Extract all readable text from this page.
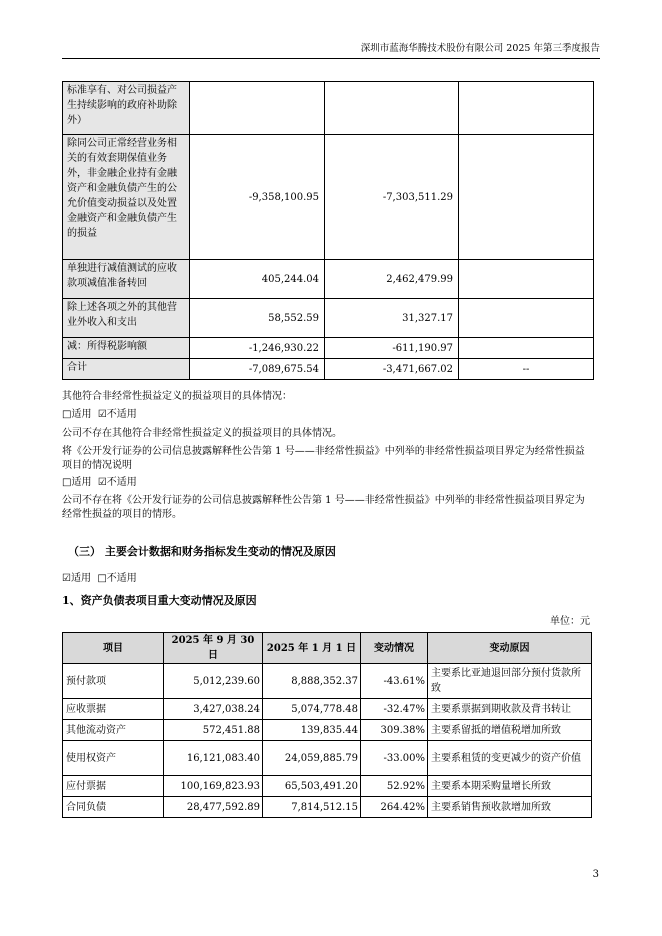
深圳市蓝海华腾技术股份有限公司 2025 年第三季度报告
标准享有、对公司损益产生持续影响的政府补助除外）			
除同公司正常经营业务相关的有效套期保值业务外，非金融企业持有金融资产和金融负债产生的公允价值变动损益以及处置金融资产和金融负债产生的损益	-9,358,100.95	-7,303,511.29	
单独进行减值测试的应收款项减值准备转回	405,244.04	2,462,479.99	
除上述各项之外的其他营业外收入和支出	58,552.59	31,327.17	
减：所得税影响额	-1,246,930.22	-611,190.97	
合计	-7,089,675.54	-3,471,667.02	--
其他符合非经常性损益定义的损益项目的具体情况：
□适用 ☑不适用
公司不存在其他符合非经常性损益定义的损益项目的具体情况。
将《公开发行证券的公司信息披露解释性公告第 1 号——非经常性损益》中列举的非经常性损益项目界定为经常性损益项目的情况说明
□适用 ☑不适用
公司不存在将《公开发行证券的公司信息披露解释性公告第 1 号——非经常性损益》中列举的非经常性损益项目界定为经常性损益的项目的情形。
（三） 主要会计数据和财务指标发生变动的情况及原因
☑适用 □不适用
1、资产负债表项目重大变动情况及原因
单位：元
项目	2025 年 9 月 30 日	2025 年 1 月 1 日	变动情况	变动原因
预付款项	5,012,239.60	8,888,352.37	-43.61%	主要系比亚迪退回部分预付货款所致
应收票据	3,427,038.24	5,074,778.48	-32.47%	主要系票据到期收款及背书转让
其他流动资产	572,451.88	139,835.44	309.38%	主要系留抵的增值税增加所致
使用权资产	16,121,083.40	24,059,885.79	-33.00%	主要系租赁的变更减少的资产价值
应付票据	100,169,823.93	65,503,491.20	52.92%	主要系本期采购量增长所致
合同负债	28,477,592.89	7,814,512.15	264.42%	主要系销售预收款增加所致
3
